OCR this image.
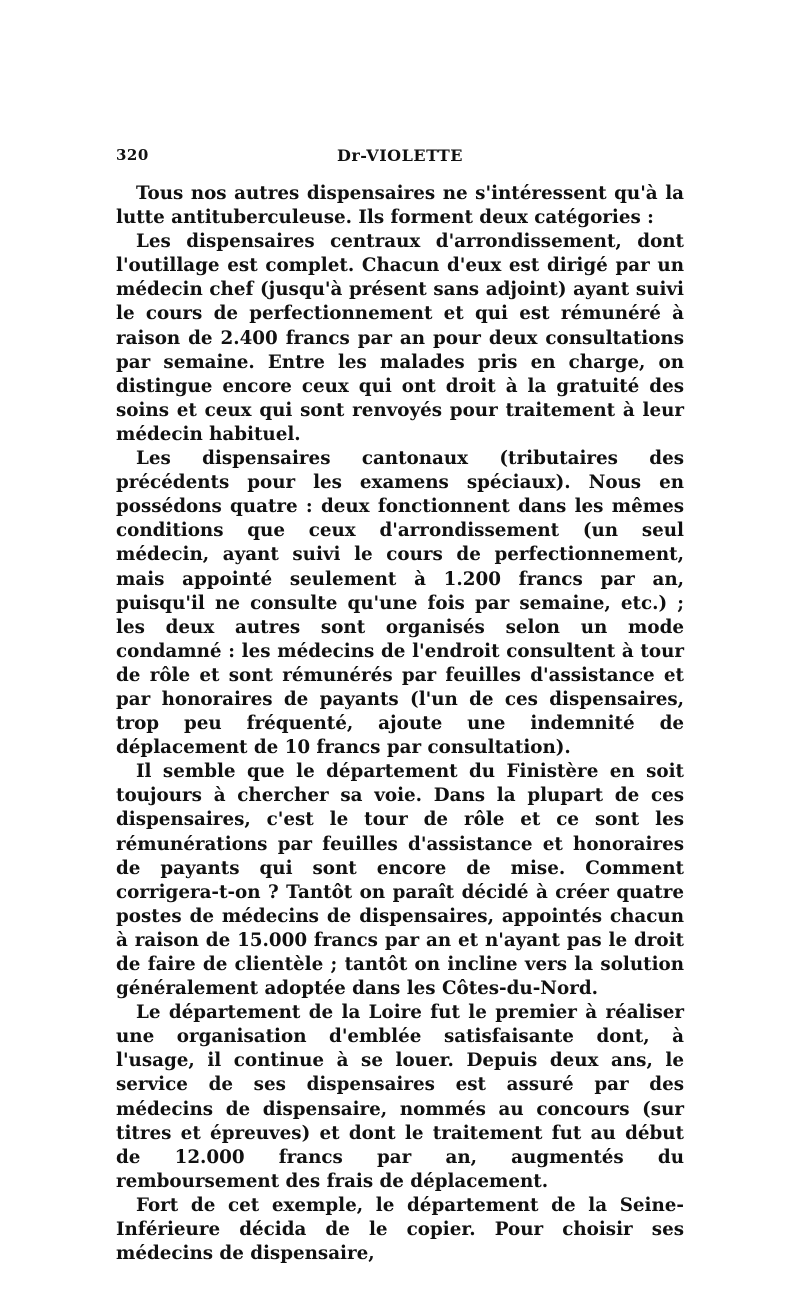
320	Dr-VIOLETTE

Tous nos autres dispensaires ne s'intéressent qu'à la lutte antituberculeuse. Ils forment deux catégories :

Les dispensaires centraux d'arrondissement, dont l'outillage est complet. Chacun d'eux est dirigé par un médecin chef (jusqu'à présent sans adjoint) ayant suivi le cours de perfectionnement et qui est rémunéré à raison de 2.400 francs par an pour deux consultations par semaine. Entre les malades pris en charge, on distingue encore ceux qui ont droit à la gratuité des soins et ceux qui sont renvoyés pour traitement à leur médecin habituel.

Les dispensaires cantonaux (tributaires des précédents pour les examens spéciaux). Nous en possédons quatre : deux fonctionnent dans les mêmes conditions que ceux d'arrondissement (un seul médecin, ayant suivi le cours de perfectionnement, mais appointé seulement à 1.200 francs par an, puisqu'il ne consulte qu'une fois par semaine, etc.) ; les deux autres sont organisés selon un mode condamné : les médecins de l'endroit consultent à tour de rôle et sont rémunérés par feuilles d'assistance et par honoraires de payants (l'un de ces dispensaires, trop peu fréquenté, ajoute une indemnité de déplacement de 10 francs par consultation).

Il semble que le département du Finistère en soit toujours à chercher sa voie. Dans la plupart de ces dispensaires, c'est le tour de rôle et ce sont les rémunérations par feuilles d'assistance et honoraires de payants qui sont encore de mise. Comment corrigera-t-on ? Tantôt on paraît décidé à créer quatre postes de médecins de dispensaires, appointés chacun à raison de 15.000 francs par an et n'ayant pas le droit de faire de clientèle ; tantôt on incline vers la solution généralement adoptée dans les Côtes-du-Nord.

Le département de la Loire fut le premier à réaliser une organisation d'emblée satisfaisante dont, à l'usage, il continue à se louer. Depuis deux ans, le service de ses dispensaires est assuré par des médecins de dispensaire, nommés au concours (sur titres et épreuves) et dont le traitement fut au début de 12.000 francs par an, augmentés du remboursement des frais de déplacement.

Fort de cet exemple, le département de la Seine-Inférieure décida de le copier. Pour choisir ses médecins de dispensaire,
